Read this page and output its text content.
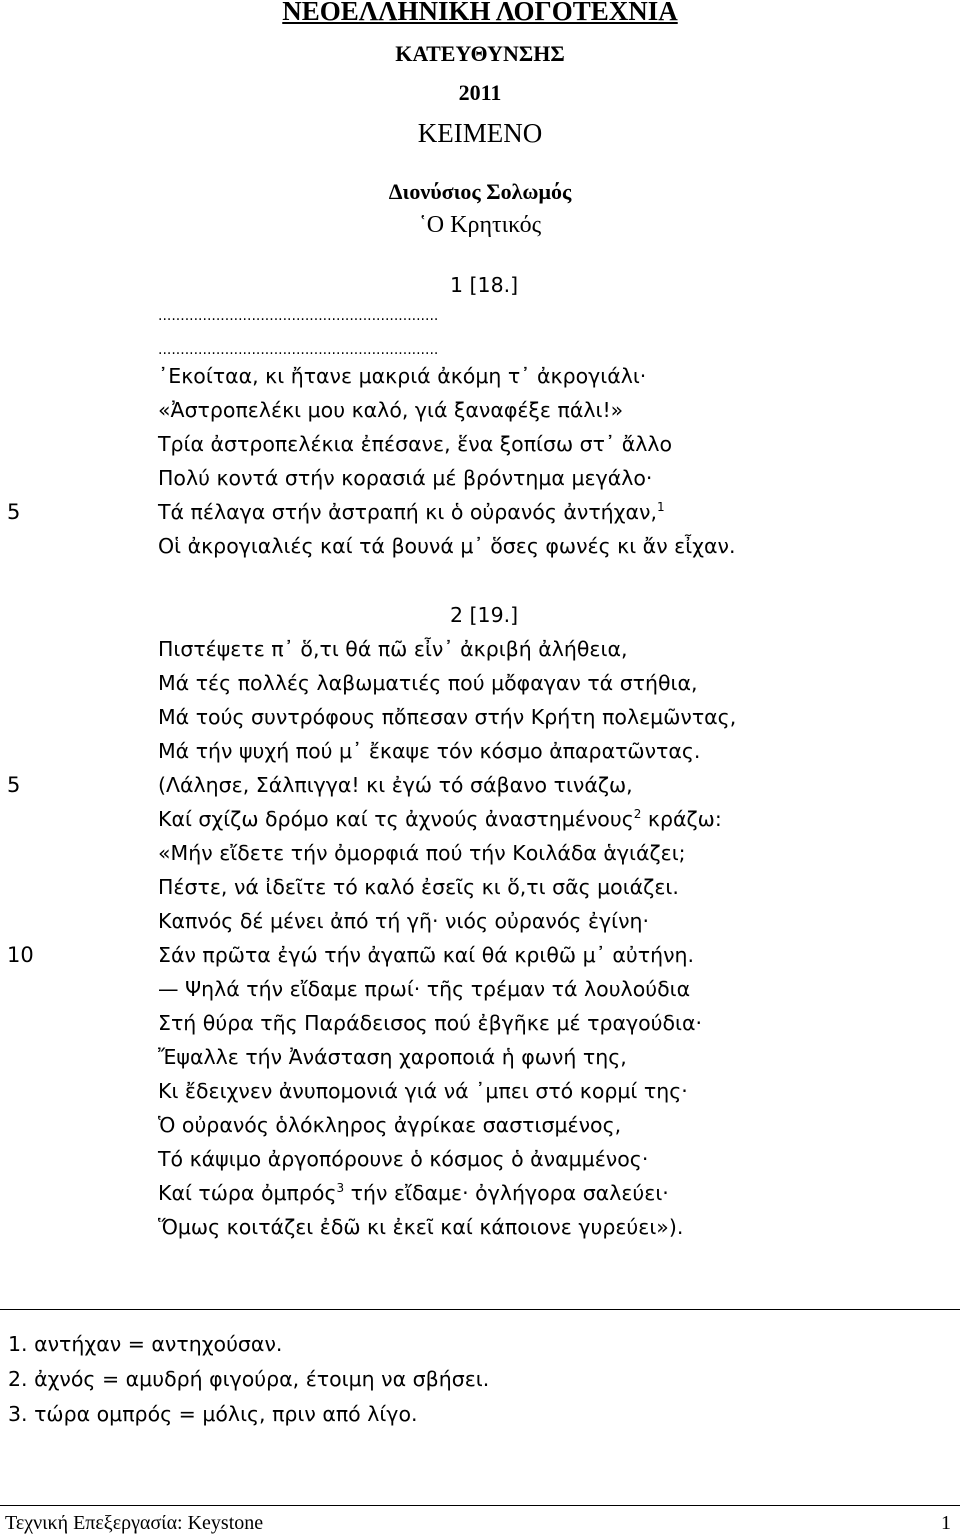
ΝΕΟΕΛΛΗΝΙΚΗ ΛΟΓΟΤΕΧΝΙΑ
ΚΑΤΕΥΘΥΝΣΗΣ
2011
ΚΕΙΜΕΝΟ
Διονύσιος Σολωμός
῾Ο Κρητικός
1 [18.]
...............................................................
...............................................................
᾿Εκοίταα, κι ἤτανε μακριά ἀκόμη τ᾿ ἀκρογιάλι·
«Ἀστροπελέκι μου καλό, γιά ξαναφέξε πάλι!»
Τρία ἀστροπελέκια ἐπέσανε, ἕνα ξοπίσω στ᾿ ἄλλο
Πολύ κοντά στήν κορασιά μέ βρόντημα μεγάλο·
5	Τά πέλαγα στήν ἀστραπή κι ὁ οὐρανός ἀντήχαν,$^1$
Οἱ ἀκρογιαλιές καί τά βουνά μ᾿ ὅσες φωνές κι ἄν εἶχαν.
2 [19.]
Πιστέψετε π᾿ ὅ,τι θά πῶ εἶν᾿ ἀκριβή ἀλήθεια,
Μά τές πολλές λαβωματιές πού μὄφαγαν τά στήθια,
Μά τούς συντρόφους πὄπεσαν στήν Κρήτη πολεμῶντας,
Μά τήν ψυχή πού μ᾿ ἔκαψε τόν κόσμο ἀπαρατῶντας.
5	(Λάλησε, Σάλπιγγα! κι ἐγώ τό σάβανο τινάζω,
Καί σχίζω δρόμο καί τς ἀχνούς ἀναστημένους$^2$ κράζω:
«Μήν εἴδετε τήν ὀμορφιά πού τήν Κοιλάδα ἁγιάζει;
Πέστε, νά ἰδεῖτε τό καλό ἐσεῖς κι ὅ,τι σᾶς μοιάζει.
Καπνός δέ μένει ἀπό τή γῆ· νιός οὐρανός ἐγίνη·
10	Σάν πρῶτα ἐγώ τήν ἀγαπῶ καί θά κριθῶ μ᾿ αὐτήνη.
— Ψηλά τήν εἴδαμε πρωί· τῆς τρέμαν τά λουλούδια
Στή θύρα τῆς Παράδεισος πού ἐβγῆκε μέ τραγούδια·
Ἔψαλλε τήν Ἀνάσταση χαροποιά ἡ φωνή της,
Κι ἔδειχνεν ἀνυπομονιά γιά νά ᾿μπει στό κορμί της·
Ὁ οὐρανός ὁλόκληρος ἀγρίκαε σαστισμένος,
Τό κάψιμο ἀργοπόρουνε ὁ κόσμος ὁ ἀναμμένος·
Καί τώρα ὀμπρός$^3$ τήν εἴδαμε· ὀγλήγορα σαλεύει·
Ὅμως κοιτάζει ἐδῶ κι ἐκεῖ καί κάποιονε γυρεύει»).
1. αντήχαν = αντηχούσαν.
2. ἀχνός = αμυδρή φιγούρα, έτοιμη να σβήσει.
3. τώρα ομπρός = μόλις, πριν από λίγο.
Τεχνική Επεξεργασία: Keystone	1
